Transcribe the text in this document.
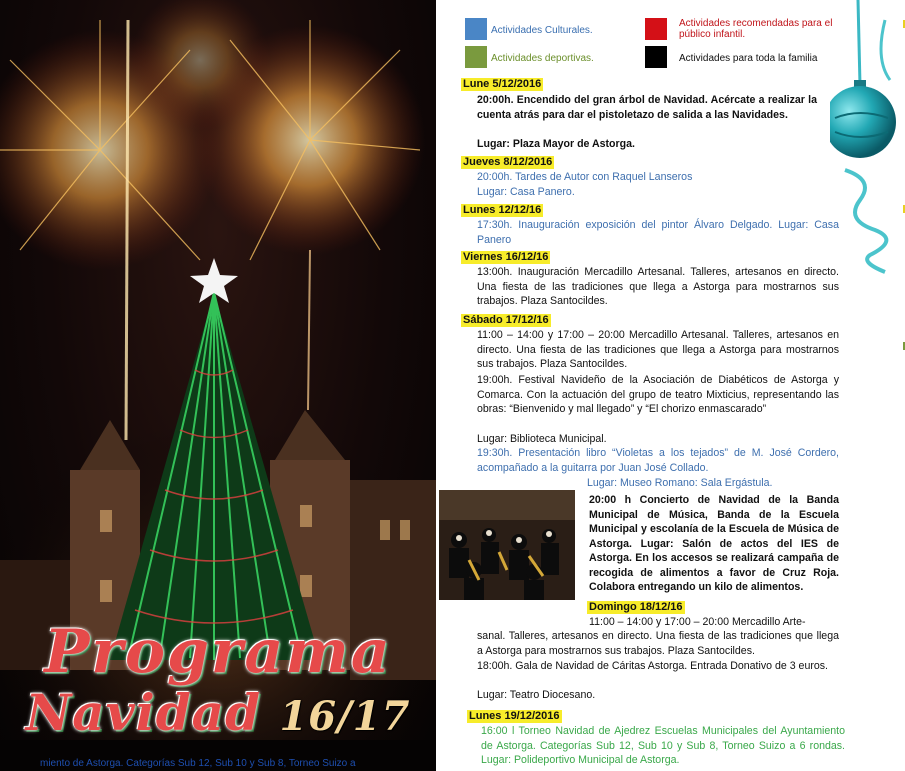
Programa
Navidad 16/17
miento de Astorga. Categorías Sub 12, Sub 10 y Sub 8, Torneo Suizo a
Actividades Culturales.
Actividades deportivas.
Actividades recomendadas para el público infantil.
Actividades para toda la familia
Lune 5/12/2016
20:00h. Encendido del gran árbol de Navidad. Acércate a realizar la cuenta atrás para dar el pistoletazo de salida a las Navidades.
Lugar: Plaza Mayor de Astorga.
Jueves 8/12/2016
20:00h. Tardes de Autor con Raquel Lanseros
Lugar: Casa Panero.
Lunes 12/12/16
17:30h. Inauguración exposición del pintor Álvaro Delgado. Lugar: Casa Panero
Viernes 16/12/16
13:00h. Inauguración Mercadillo Artesanal. Talleres, artesanos en directo. Una fiesta de las tradiciones que llega a Astorga para mostrarnos sus trabajos. Plaza Santocildes.
Sábado 17/12/16
11:00 – 14:00 y 17:00 – 20:00 Mercadillo Artesanal. Talleres, artesanos en directo. Una fiesta de las tradiciones que llega a Astorga para mostrarnos sus trabajos. Plaza Santocildes.
19:00h. Festival Navideño de la Asociación de Diabéticos de Astorga y Comarca. Con la actuación del grupo de teatro Mixticius, representando las obras: “Bienvenido y mal llegado” y “El chorizo enmascarado”
Lugar: Biblioteca Municipal.
19:30h. Presentación libro “Violetas a los tejados” de M. José Cordero, acompañado a la guitarra por Juan José Collado.
Lugar: Museo Romano: Sala Ergástula.
20:00 h Concierto de Navidad de la Banda Municipal de Música, Banda de la Escuela Municipal y escolanía de la Escuela de Música de Astorga. Lugar: Salón de actos del IES de Astorga. En los accesos se realizará campaña de recogida de alimentos a favor de Cruz Roja. Colabora entregando un kilo de alimentos.
Domingo 18/12/16
11:00 – 14:00 y 17:00 – 20:00 Mercadillo Arte-
sanal. Talleres, artesanos en directo. Una fiesta de las tradiciones que llega a Astorga para mostrarnos sus trabajos. Plaza Santocildes.
18:00h. Gala de Navidad de Cáritas Astorga. Entrada Donativo de 3 euros.
Lugar: Teatro Diocesano.
Lunes 19/12/2016
16:00 l Torneo Navidad de Ajedrez Escuelas Municipales del Ayuntamiento de Astorga. Categorías Sub 12, Sub 10 y Sub 8, Torneo Suizo a 6 rondas. Lugar: Polideportivo Municipal de Astorga.
